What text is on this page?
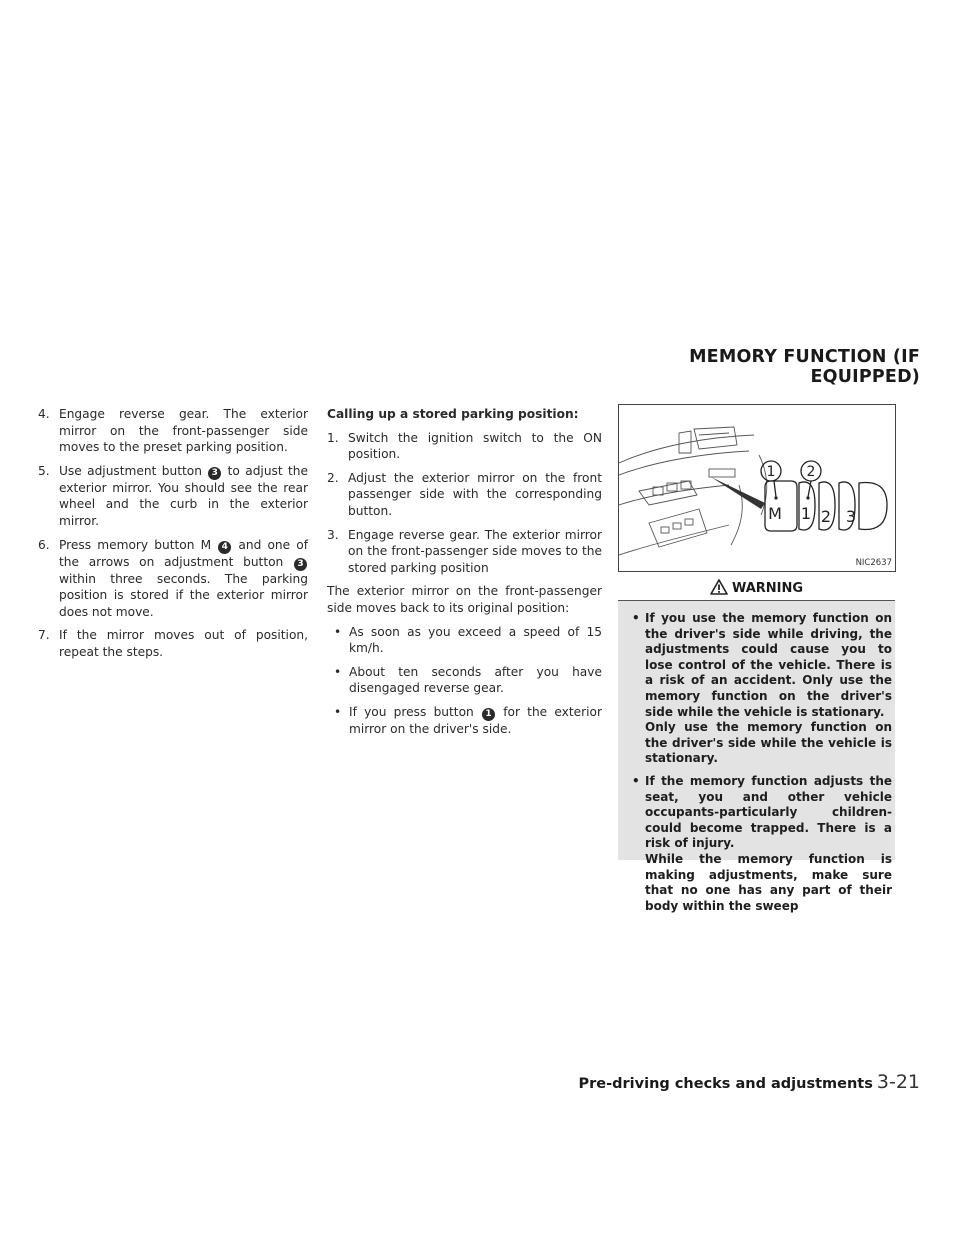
MEMORY FUNCTION (IF EQUIPPED)
4. Engage reverse gear. The exterior mirror on the front-passenger side moves to the preset parking position.
5. Use adjustment button 3 to adjust the exterior mirror. You should see the rear wheel and the curb in the exterior mirror.
6. Press memory button M 4 and one of the arrows on adjustment button 3 within three seconds. The parking position is stored if the exterior mirror does not move.
7. If the mirror moves out of position, repeat the steps.
Calling up a stored parking position:
1. Switch the ignition switch to the ON position.
2. Adjust the exterior mirror on the front passenger side with the corresponding button.
3. Engage reverse gear. The exterior mirror on the front-passenger side moves to the stored parking position
The exterior mirror on the front-passenger side moves back to its original position:
• As soon as you exceed a speed of 15 km/h.
• About ten seconds after you have disengaged reverse gear.
• If you press button 1 for the exterior mirror on the driver's side.
1 2
M 1 2 3
NIC2637
WARNING
• If you use the memory function on the driver's side while driving, the adjustments could cause you to lose control of the vehicle. There is a risk of an accident. Only use the memory function on the driver's side while the vehicle is stationary.
Only use the memory function on the driver's side while the vehicle is stationary.
• If the memory function adjusts the seat, you and other vehicle occupants-particularly children-could become trapped. There is a risk of injury.
While the memory function is making adjustments, make sure that no one has any part of their body within the sweep
Pre-driving checks and adjustments 3-21
